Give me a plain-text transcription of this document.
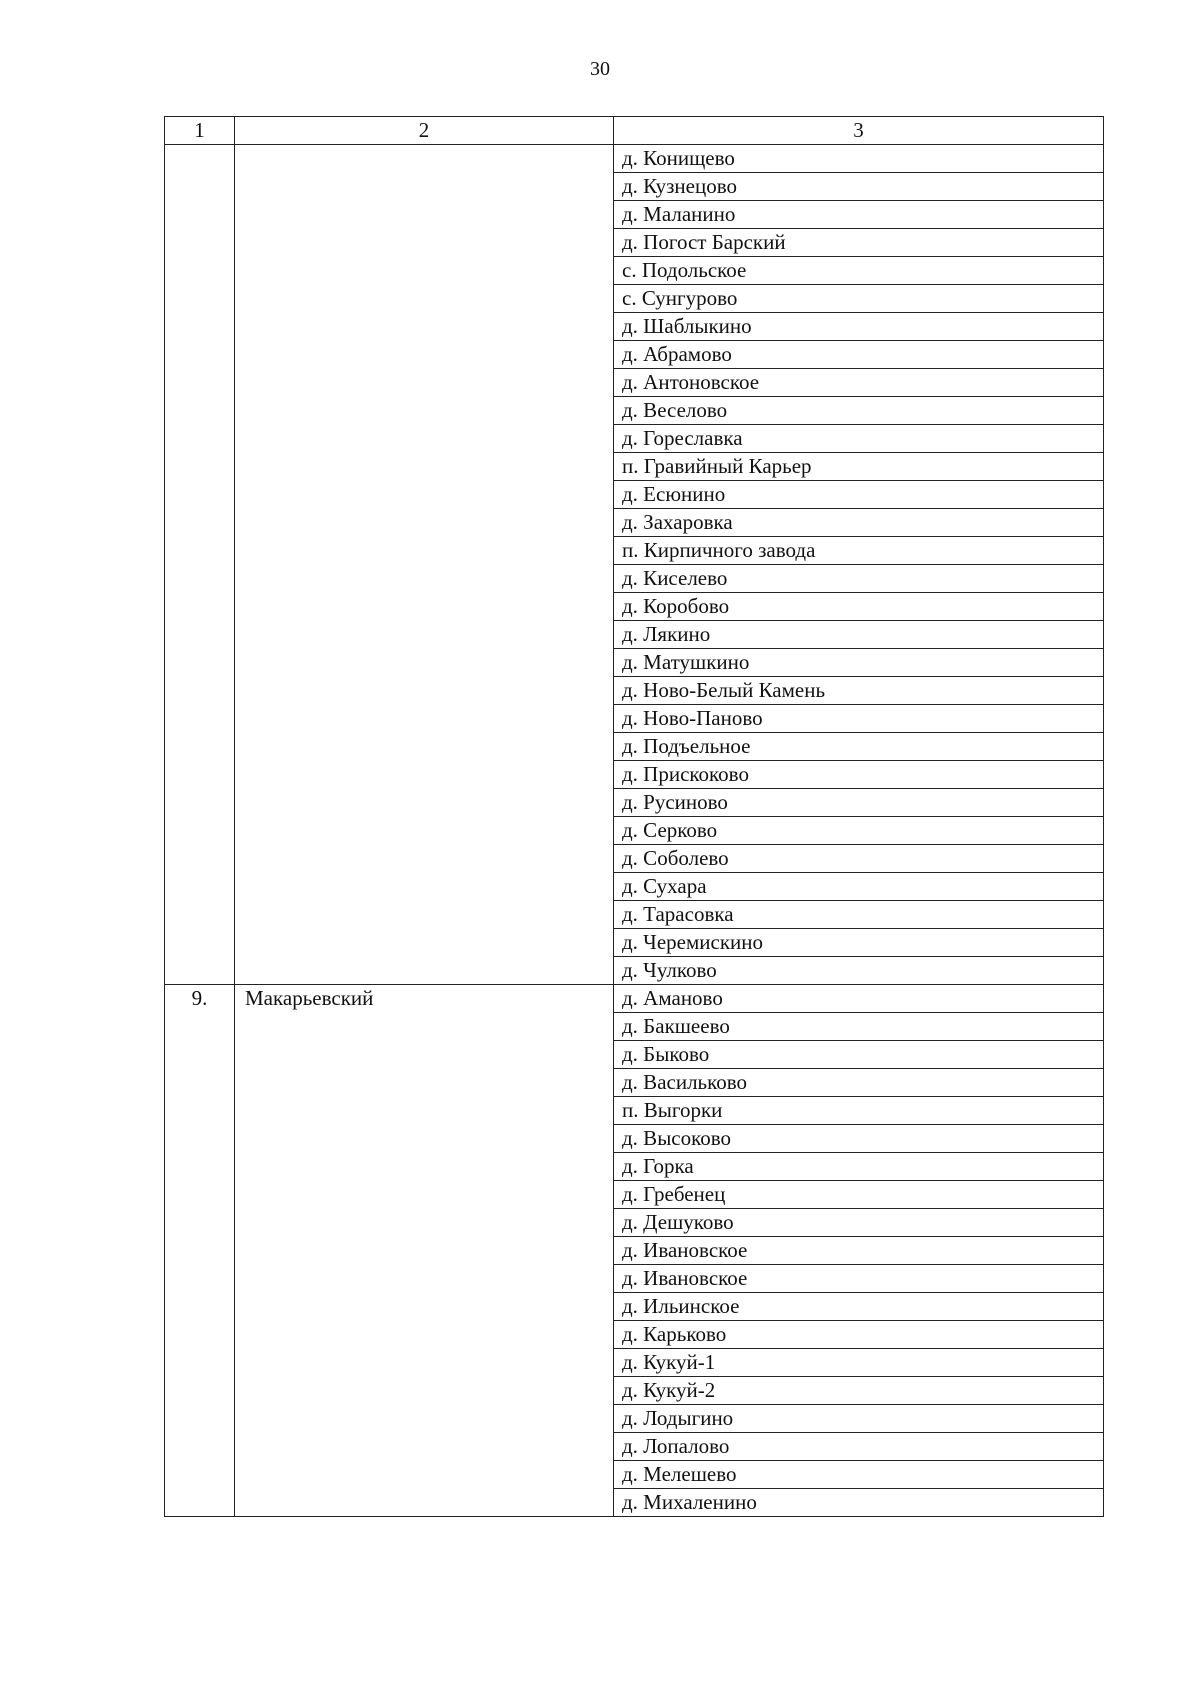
30
1	2	3
		д. Конищево
		д. Кузнецово
		д. Маланино
		д. Погост Барский
		с. Подольское
		с. Сунгурово
		д. Шаблыкино
		д. Абрамово
		д. Антоновское
		д. Веселово
		д. Гореславка
		п. Гравийный Карьер
		д. Есюнино
		д. Захаровка
		п. Кирпичного завода
		д. Киселево
		д. Коробово
		д. Лякино
		д. Матушкино
		д. Ново-Белый Камень
		д. Ново-Паново
		д. Подъельное
		д. Прискоково
		д. Русиново
		д. Серково
		д. Соболево
		д. Сухара
		д. Тарасовка
		д. Черемискино
		д. Чулково
9.	Макарьевский	д. Аманово
		д. Бакшеево
		д. Быково
		д. Васильково
		п. Выгорки
		д. Высоково
		д. Горка
		д. Гребенец
		д. Дешуково
		д. Ивановское
		д. Ивановское
		д. Ильинское
		д. Карьково
		д. Кукуй-1
		д. Кукуй-2
		д. Лодыгино
		д. Лопалово
		д. Мелешево
		д. Михаленино
